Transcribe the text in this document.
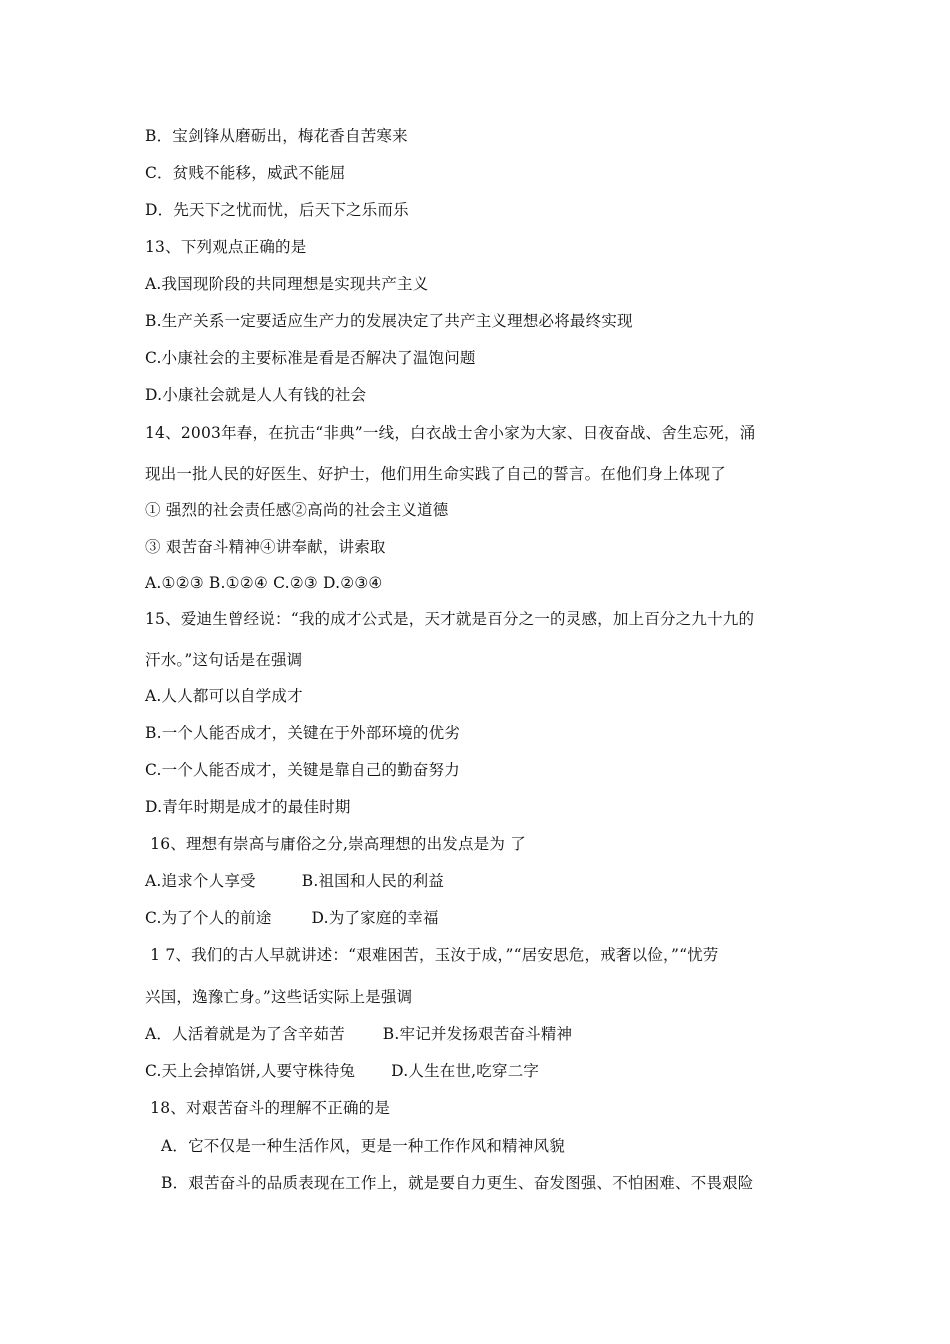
B．宝剑锋从磨砺出，梅花香自苦寒来
C．贫贱不能移，威武不能屈
D．先天下之忧而忧，后天下之乐而乐
13、下列观点正确的是
A.我国现阶段的共同理想是实现共产主义
B.生产关系一定要适应生产力的发展决定了共产主义理想必将最终实现
C.小康社会的主要标准是看是否解决了温饱问题
D.小康社会就是人人有钱的社会
14、2003年春，在抗击“非典”一线，白衣战士舍小家为大家、日夜奋战、舍生忘死，涌
现出一批人民的好医生、好护士，他们用生命实践了自己的誓言。在他们身上体现了
① 强烈的社会责任感②高尚的社会主义道德
③ 艰苦奋斗精神④讲奉献，讲索取
A.①②③ B.①②④ C.②③ D.②③④
15、爱迪生曾经说：“我的成才公式是，天才就是百分之一的灵感，加上百分之九十九的
汗水。”这句话是在强调
A.人人都可以自学成才
B.一个人能否成才，关键在于外部环境的优劣
C.一个人能否成才，关键是靠自己的勤奋努力
D.青年时期是成才的最佳时期
16、理想有崇高与庸俗之分,崇高理想的出发点是为 了
A.追求个人享受	B.祖国和人民的利益
C.为了个人的前途	D.为了家庭的幸福
1 7、我们的古人早就讲述：“艰难困苦，玉汝于成，”“居安思危，戒奢以俭，”“忧劳
兴国，逸豫亡身。”这些话实际上是强调
A．人活着就是为了含辛茹苦 B.牢记并发扬艰苦奋斗精神
C.天上会掉馅饼,人要守株待兔 D.人生在世,吃穿二字
18、对艰苦奋斗的理解不正确的是
A．它不仅是一种生活作风，更是一种工作作风和精神风貌
B．艰苦奋斗的品质表现在工作上，就是要自力更生、奋发图强、不怕困难、不畏艰险
